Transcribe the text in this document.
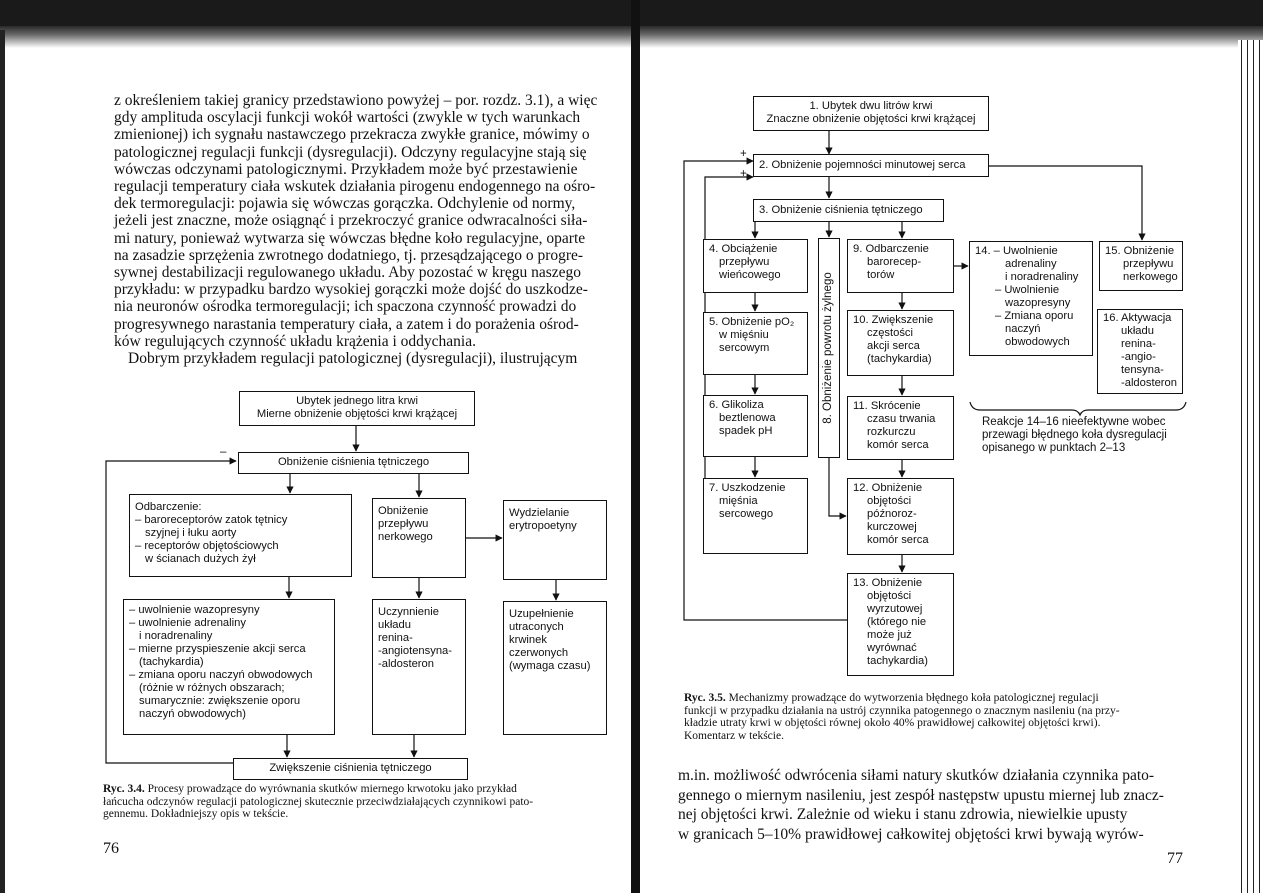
z określeniem takiej granicy przedstawiono powyżej – por. rozdz. 3.1), a więc
gdy amplituda oscylacji funkcji wokół wartości (zwykle w tych warunkach
zmienionej) ich sygnału nastawczego przekracza zwykłe granice, mówimy o
patologicznej regulacji funkcji (dysregulacji). Odczyny regulacyjne stają się
wówczas odczynami patologicznymi. Przykładem może być przestawienie
regulacji temperatury ciała wskutek działania pirogenu endogennego na ośro-
dek termoregulacji: pojawia się wówczas gorączka. Odchylenie od normy,
jeżeli jest znaczne, może osiągnąć i przekroczyć granice odwracalności siła-
mi natury, ponieważ wytwarza się wówczas błędne koło regulacyjne, oparte
na zasadzie sprzężenia zwrotnego dodatniego, tj. przesądzającego o progre-
sywnej destabilizacji regulowanego układu. Aby pozostać w kręgu naszego
przykładu: w przypadku bardzo wysokiej gorączki może dojść do uszkodze-
nia neuronów ośrodka termoregulacji; ich spaczona czynność prowadzi do
progresywnego narastania temperatury ciała, a zatem i do porażenia ośrod-
ków regulujących czynność układu krążenia i oddychania.
Dobrym przykładem regulacji patologicznej (dysregulacji), ilustrującym
–
Ubytek jednego litra krwi
Mierne obniżenie objętości krwi krążącej
Obniżenie ciśnienia tętniczego
Odbarczenie:
– baroreceptorów zatok tętnicy
szyjnej i łuku aorty
– receptorów objętościowych
w ścianach dużych żył
Obniżenie
przepływu
nerkowego
Wydzielanie
erytropoetyny
– uwolnienie wazopresyny
– uwolnienie adrenaliny
i noradrenaliny
– mierne przyspieszenie akcji serca
(tachykardia)
– zmiana oporu naczyń obwodowych
(różnie w różnych obszarach;
sumarycznie: zwiększenie oporu
naczyń obwodowych)
Uczynnienie
układu
renina-
-angiotensyna-
-aldosteron
Uzupełnienie
utraconych
krwinek
czerwonych
(wymaga czasu)
Zwiększenie ciśnienia tętniczego
Ryc. 3.4. Procesy prowadzące do wyrównania skutków miernego krwotoku jako przykład
łańcucha odczynów regulacji patologicznej skutecznie przeciwdziałających czynnikowi pato-
gennemu. Dokładniejszy opis w tekście.
76
+
+
1. Ubytek dwu litrów krwi
Znaczne obniżenie objętości krwi krążącej
2. Obniżenie pojemności minutowej serca
3. Obniżenie ciśnienia tętniczego
4. Obciążenie
przepływu
wieńcowego
5. Obniżenie pO₂
w mięśniu
sercowym
6. Glikoliza
beztlenowa
spadek pH
7. Uszkodzenie
mięśnia
sercowego
8. Obniżenie powrotu żylnego
9. Odbarczenie
barorecep-
torów
10. Zwiększenie
częstości
akcji serca
(tachykardia)
11. Skrócenie
czasu trwania
rozkurczu
komór serca
12. Obniżenie
objętości
późnoroz-
kurczowej
komór serca
13. Obniżenie
objętości
wyrzutowej
(którego nie
może już
wyrównać
tachykardia)
14. – Uwolnienie
adrenaliny
i noradrenaliny
– Uwolnienie
wazopresyny
– Zmiana oporu
naczyń
obwodowych
15. Obniżenie
przepływu
nerkowego
16. Aktywacja
układu
renina-
-angio-
tensyna-
-aldosteron
Reakcje 14–16 nieefektywne wobec
przewagi błędnego koła dysregulacji
opisanego w punktach 2–13
Ryc. 3.5. Mechanizmy prowadzące do wytworzenia błędnego koła patologicznej regulacji
funkcji w przypadku działania na ustrój czynnika patogennego o znacznym nasileniu (na przy-
kładzie utraty krwi w objętości równej około 40% prawidłowej całkowitej objętości krwi).
Komentarz w tekście.
m.in. możliwość odwrócenia siłami natury skutków działania czynnika pato-
gennego o miernym nasileniu, jest zespół następstw upustu miernej lub znacz-
nej objętości krwi. Zależnie od wieku i stanu zdrowia, niewielkie upusty
w granicach 5–10% prawidłowej całkowitej objętości krwi bywają wyrów-
77
